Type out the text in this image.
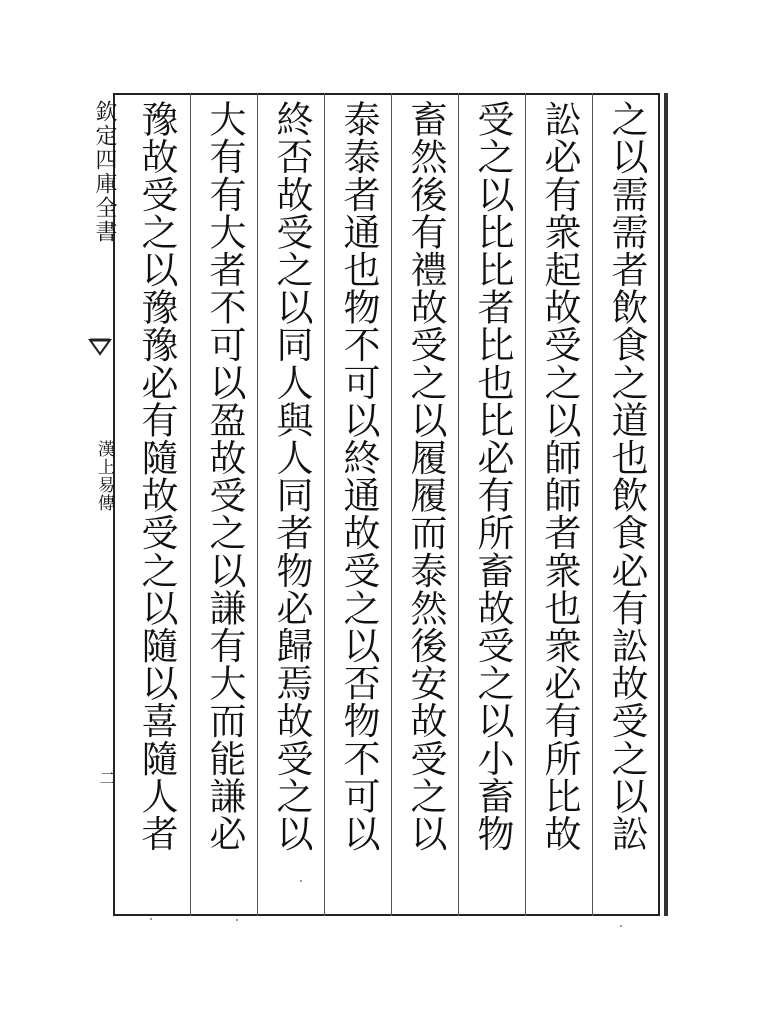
之以需需者飲食之道也飲食必有訟故受之以訟
訟必有衆起故受之以師師者衆也衆必有所比故
受之以比比者比也比必有所畜故受之以小畜物
畜然後有禮故受之以履履而泰然後安故受之以
泰泰者通也物不可以終通故受之以否物不可以
終否故受之以同人與人同者物必歸焉故受之以
大有有大者不可以盈故受之以謙有大而能謙必
豫故受之以豫豫必有隨故受之以隨以喜隨人者
欽定四庫全書
漢上易傳
二
